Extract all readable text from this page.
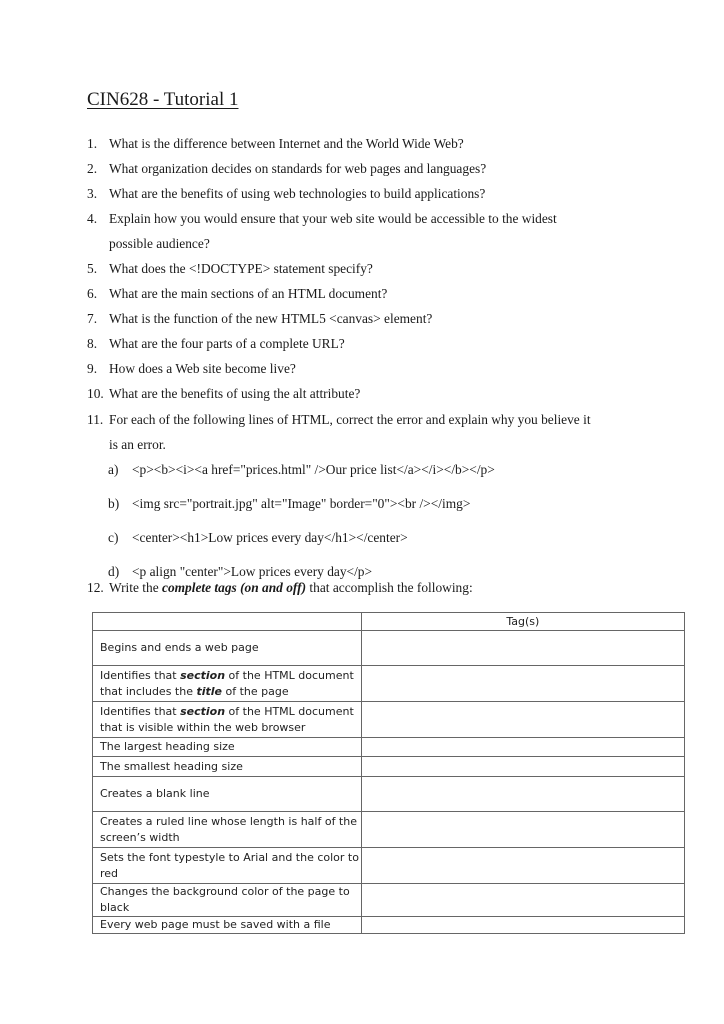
CIN628 - Tutorial 1
1. What is the difference between Internet and the World Wide Web?
2. What organization decides on standards for web pages and languages?
3. What are the benefits of using web technologies to build applications?
4. Explain how you would ensure that your web site would be accessible to the widest
possible audience?
5. What does the <!DOCTYPE> statement specify?
6. What are the main sections of an HTML document?
7. What is the function of the new HTML5 <canvas> element?
8. What are the four parts of a complete URL?
9. How does a Web site become live?
10. What are the benefits of using the alt attribute?
11. For each of the following lines of HTML, correct the error and explain why you believe it
is an error.
a) <p><b><i><a href="prices.html" />Our price list</a></i></b></p>
b) <img src="portrait.jpg" alt="Image" border="0"><br /></img>
c) <center><h1>Low prices every day</h1></center>
d) <p align "center">Low prices every day</p>
12. Write the complete tags (on and off) that accomplish the following:
	Tag(s)
Begins and ends a web page	
Identifies that section of the HTML document that includes the title of the page	
Identifies that section of the HTML document that is visible within the web browser	
The largest heading size	
The smallest heading size	
Creates a blank line	
Creates a ruled line whose length is half of the screen’s width	
Sets the font typestyle to Arial and the color to red	
Changes the background color of the page to black	
Every web page must be saved with a file	
